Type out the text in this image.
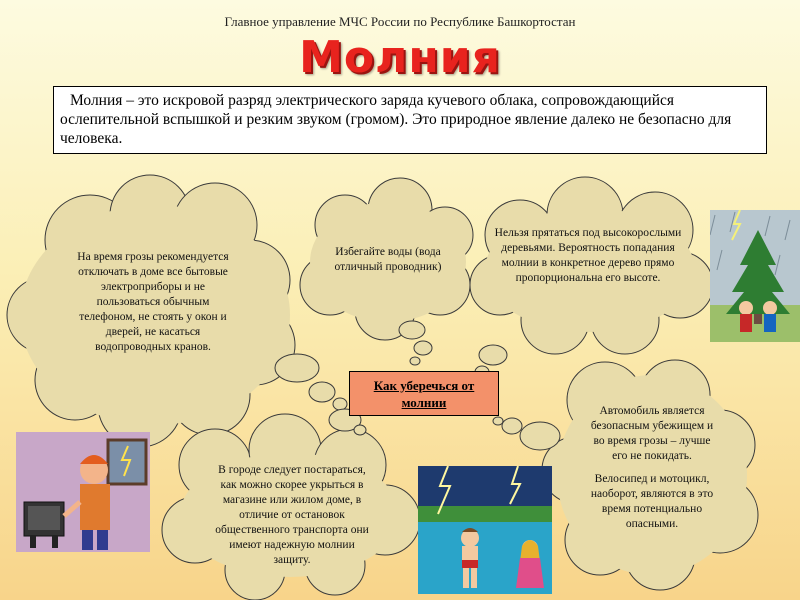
Главное управление МЧС России по Республике Башкортостан
Молния
Молния – это искровой разряд электрического заряда кучевого облака, сопровождающийся ослепительной вспышкой и резким звуком (громом). Это природное явление далеко не безопасно для человека.
На время грозы рекомендуется отключать в доме все бытовые электроприборы и не пользоваться обычным телефоном, не стоять у окон и дверей, не касаться водопроводных кранов.
Избегайте воды (вода отличный проводник)
Нельзя прятаться под высокорослыми деревьями. Вероятность попадания молнии в конкретное дерево прямо пропорциональна его высоте.
В городе следует постараться, как можно скорее укрыться в магазине или жилом доме, в отличие от остановок общественного транспорта они имеют надежную молнии защиту.
Автомобиль является безопасным убежищем и во время грозы – лучше его не покидать.
Велосипед и мотоцикл, наоборот, являются в это время потенциально опасными.
Как уберечься от молнии
